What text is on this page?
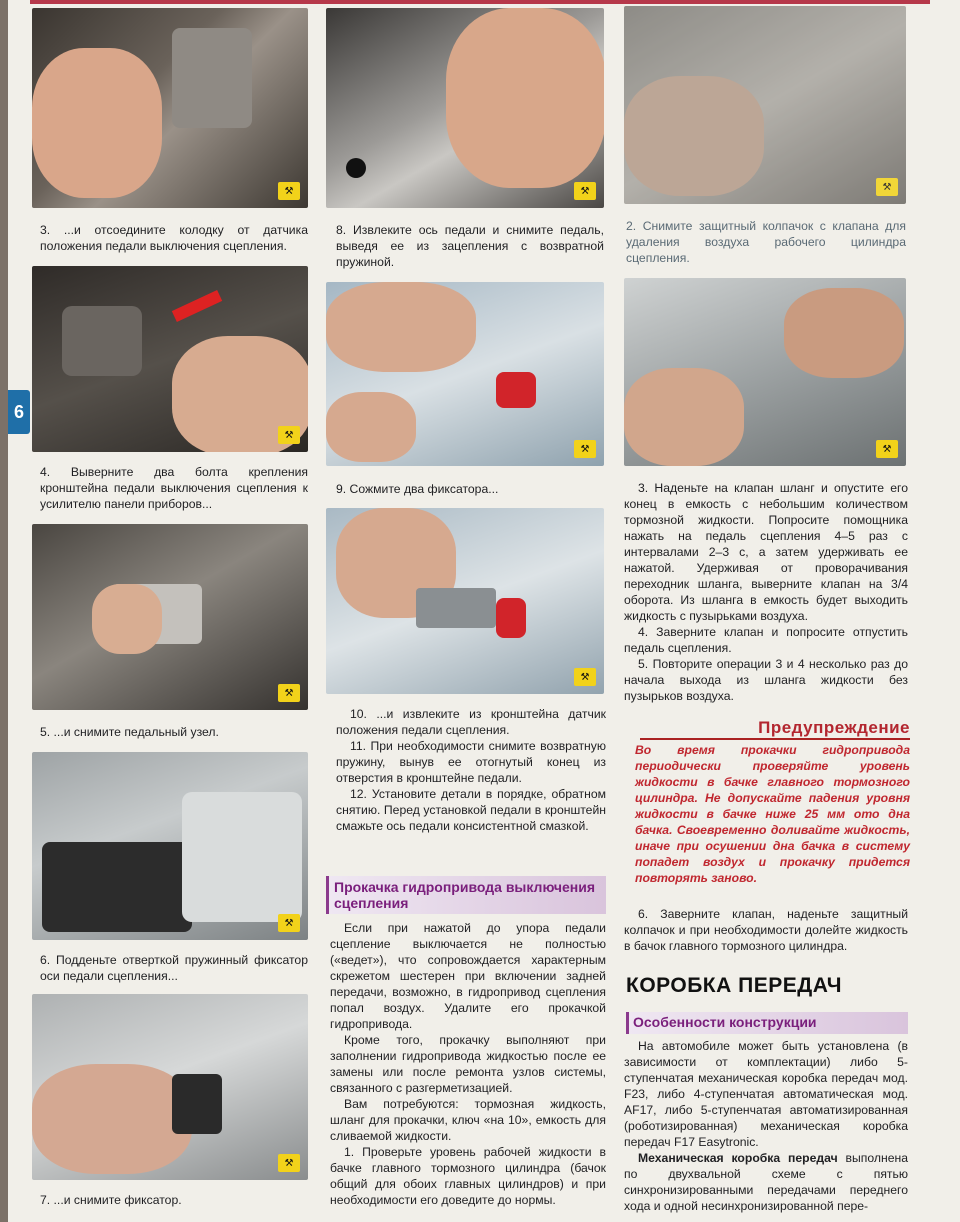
6
⚒
3. ...и отсоедините колодку от датчика положения педали выключения сцепления.
⚒
4. Выверните два болта крепления кронштейна педали выключения сцепления к усилителю панели приборов...
⚒
5. ...и снимите педальный узел.
⚒
6. Подденьте отверткой пружинный фиксатор оси педали сцепления...
⚒
7. ...и снимите фиксатор.
⚒
8. Извлеките ось педали и снимите педаль, выведя ее из зацепления с возвратной пружиной.
⚒
9. Сожмите два фиксатора...
⚒

10. ...и извлеките из кронштейна датчик положения педали сцепления.

11. При необходимости снимите возвратную пружину, вынув ее отогнутый конец из отверстия в кронштейне педали.

12. Установите детали в порядке, обратном снятию. Перед установкой педали в кронштейн смажьте ось педали консистентной смазкой.

Прокачка гидропривода выключения сцепления

Если при нажатой до упора педали сцепление выключается не полностью («ведет»), что сопровождается характерным скрежетом шестерен при включении задней передачи, возможно, в гидропривод сцепления попал воздух. Удалите его прокачкой гидропривода.

Кроме того, прокачку выполняют при заполнении гидропривода жидкостью после ее замены или после ремонта узлов системы, связанного с разгерметизацией.

Вам потребуются: тормозная жидкость, шланг для прокачки, ключ «на 10», емкость для сливаемой жидкости.

1. Проверьте уровень рабочей жидкости в бачке главного тормозного цилиндра (бачок общий для обоих главных цилиндров) и при необходимости его доведите до нормы.

⚒
2. Снимите защитный колпачок с клапана для удаления воздуха рабочего цилиндра сцепления.
⚒

3. Наденьте на клапан шланг и опустите его конец в емкость с небольшим количеством тормозной жидкости. Попросите помощника нажать на педаль сцепления 4–5 раз с интервалами 2–3 с, а затем удерживать ее нажатой. Удерживая от проворачивания переходник шланга, выверните клапан на 3/4 оборота. Из шланга в емкость будет выходить жидкость с пузырьками воздуха.

4. Заверните клапан и попросите отпустить педаль сцепления.

5. Повторите операции 3 и 4 несколько раз до начала выхода из шланга жидкости без пузырьков воздуха.

Предупреждение
Во время прокачки гидропривода периодически проверяйте уровень жидкости в бачке главного тормозного цилиндра. Не допускайте падения уровня жидкости в бачке ниже 25 мм ото дна бачка. Своевременно доливайте жидкость, иначе при осушении дна бачка в систему попадет воздух и прокачку придется повторять заново.

6. Заверните клапан, наденьте защитный колпачок и при необходимости долейте жидкость в бачок главного тормозного цилиндра.

КОРОБКА ПЕРЕДАЧ
Особенности конструкции

На автомобиле может быть установлена (в зависимости от комплектации) либо 5-ступенчатая механическая коробка передач мод. F23, либо 4-ступенчатая автоматическая мод. AF17, либо 5-ступенчатая автоматизированная (роботизированная) механическая коробка передач F17 Easytronic.

Механическая коробка передач выполнена по двухвальной схеме с пятью синхронизированными передачами переднего хода и одной несинхронизированной пере-
